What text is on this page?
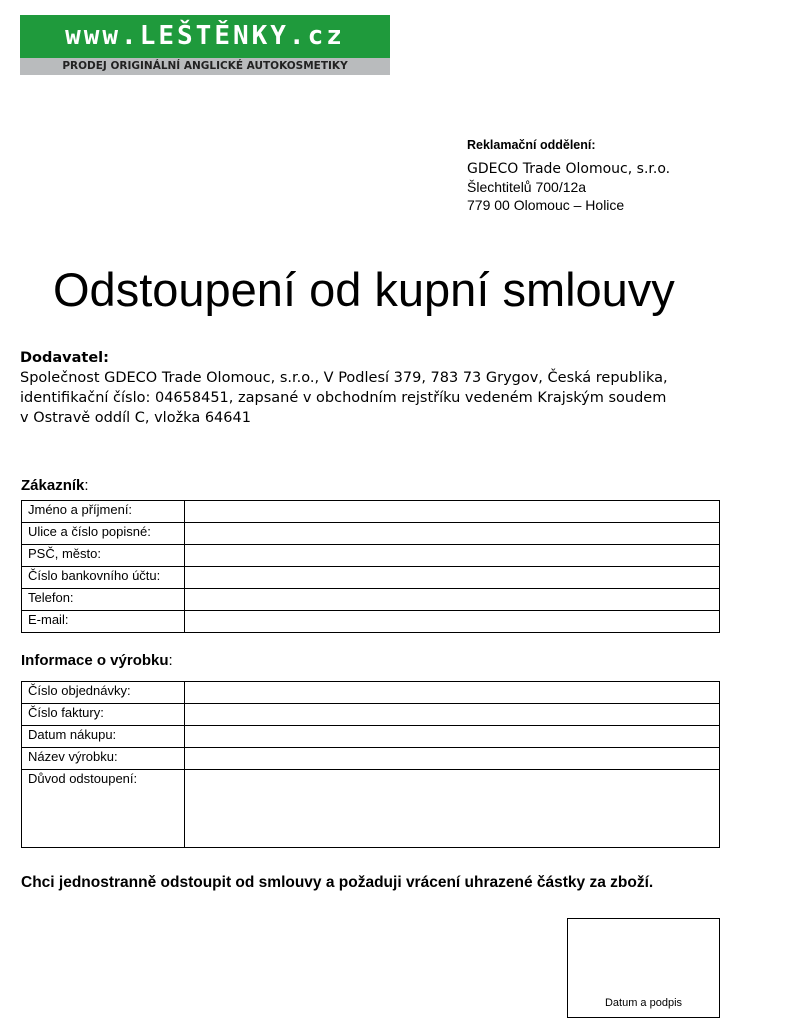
www.LEŠTĚNKY.cz
PRODEJ ORIGINÁLNÍ ANGLICKÉ AUTOKOSMETIKY
Reklamační oddělení:
GDECO Trade Olomouc, s.r.o.
Šlechtitelů 700/12a
779 00 Olomouc – Holice
Odstoupení od kupní smlouvy
Dodavatel:
Společnost GDECO Trade Olomouc, s.r.o., V Podlesí 379, 783 73 Grygov, Česká republika,
identifikační číslo: 04658451, zapsané v obchodním rejstříku vedeném Krajským soudem
v Ostravě oddíl C, vložka 64641
Zákazník:
Jméno a příjmení:	
Ulice a číslo popisné:	
PSČ, město:	
Číslo bankovního účtu:	
Telefon:	
E-mail:	
Informace o výrobku:
Číslo objednávky:	
Číslo faktury:	
Datum nákupu:	
Název výrobku:	
Důvod odstoupení:	
Chci jednostranně odstoupit od smlouvy a požaduji vrácení uhrazené částky za zboží.
Datum a podpis
